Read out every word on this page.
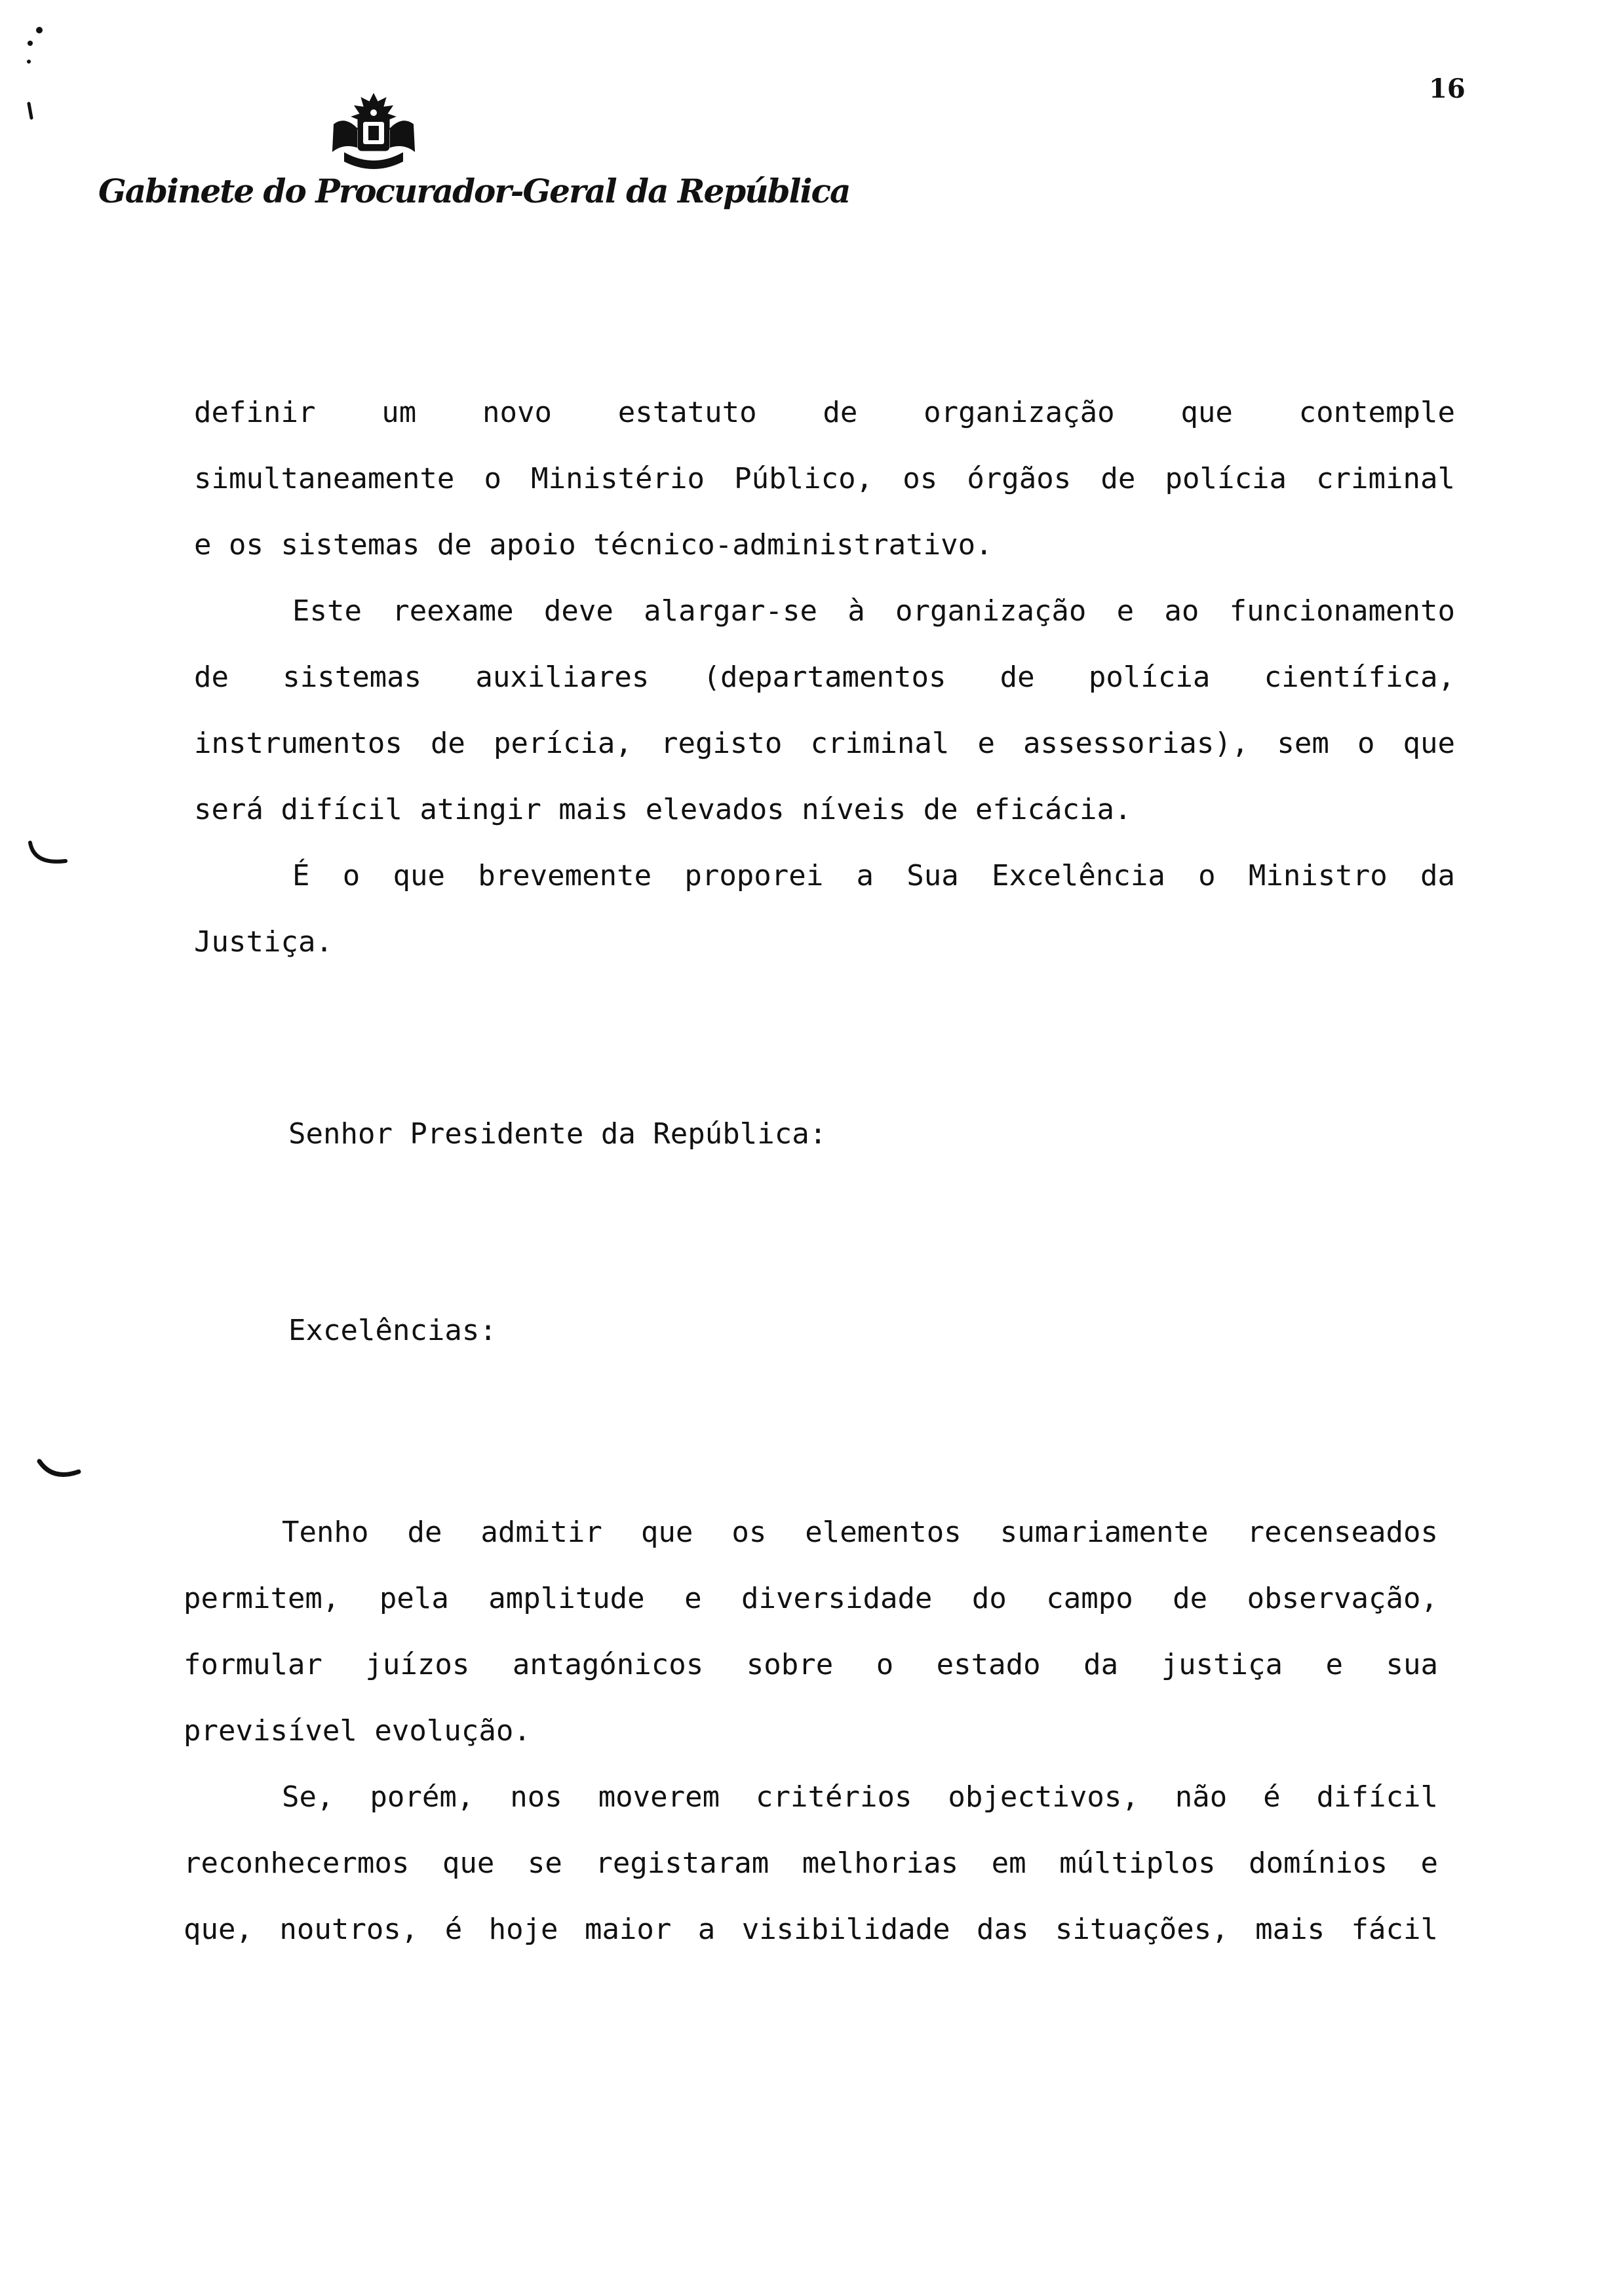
16
Gabinete do Procurador-Geral da República
definir um novo estatuto de organização que contemple
simultaneamente o Ministério Público, os órgãos de polícia criminal
e os sistemas de apoio técnico-administrativo.
Este reexame deve alargar-se à organização e ao funcionamento
de sistemas auxiliares (departamentos de polícia científica,
instrumentos de perícia, registo criminal e assessorias), sem o que
será difícil atingir mais elevados níveis de eficácia.
É o que brevemente proporei a Sua Excelência o Ministro da
Justiça.
Senhor Presidente da República:
Excelências:
Tenho de admitir que os elementos sumariamente recenseados
permitem, pela amplitude e diversidade do campo de observação,
formular juízos antagónicos sobre o estado da justiça e sua
previsível evolução.
Se, porém, nos moverem critérios objectivos, não é difícil
reconhecermos que se registaram melhorias em múltiplos domínios e
que, noutros, é hoje maior a visibilidade das situações, mais fácil
